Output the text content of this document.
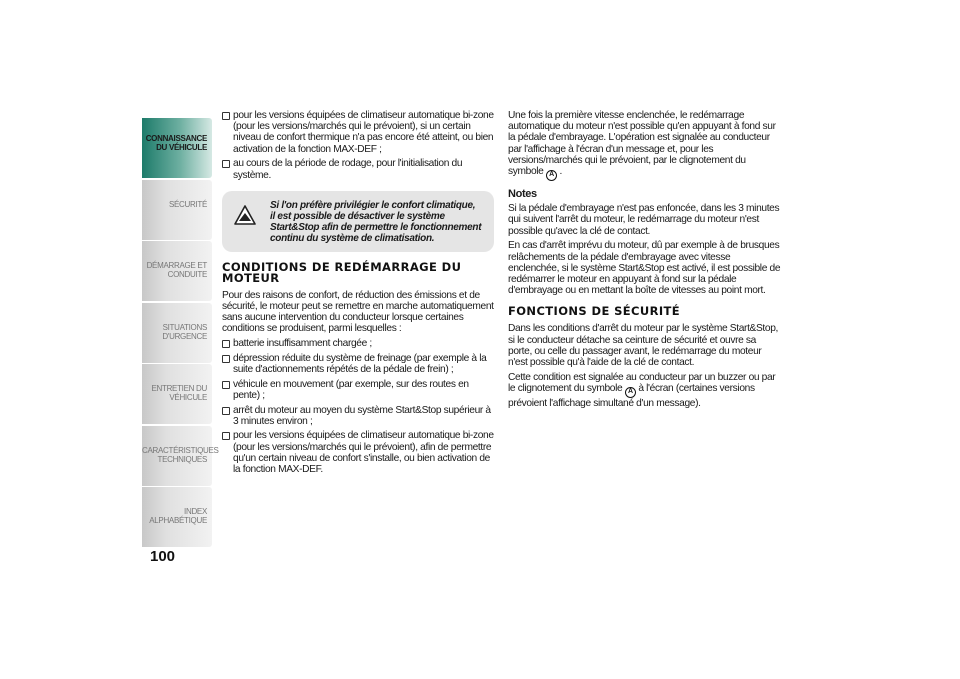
CONNAISSANCE
DU VÉHICULE
SÉCURITÉ
DÉMARRAGE ET
CONDUITE
SITUATIONS
D'URGENCE
ENTRETIEN DU
VÉHICULE
CARACTÉRISTIQUES
TECHNIQUES
INDEX
ALPHABÉTIQUE
100
pour les versions équipées de climatiseur automatique bi-zone (pour les versions/marchés qui le prévoient), si un certain niveau de confort thermique n'a pas encore été atteint, ou bien activation de la fonction MAX-DEF ;
au cours de la période de rodage, pour l'initialisation du système.
Si l'on préfère privilégier le confort climatique, il est possible de désactiver le système Start&Stop afin de permettre le fonctionnement continu du système de climatisation.
CONDITIONS DE REDÉMARRAGE DU MOTEUR

Pour des raisons de confort, de réduction des émissions et de sécurité, le moteur peut se remettre en marche automatiquement sans aucune intervention du conducteur lorsque certaines conditions se produisent, parmi lesquelles :

batterie insuffisamment chargée ;
dépression réduite du système de freinage (par exemple à la suite d'actionnements répétés de la pédale de frein) ;
véhicule en mouvement (par exemple, sur des routes en pente) ;
arrêt du moteur au moyen du système Start&Stop supérieur à 3 minutes environ ;
pour les versions équipées de climatiseur automatique bi-zone (pour les versions/marchés qui le prévoient), afin de permettre qu'un certain niveau de confort s'installe, ou bien activation de la fonction MAX-DEF.

Une fois la première vitesse enclenchée, le redémarrage automatique du moteur n'est possible qu'en appuyant à fond sur la pédale d'embrayage. L'opération est signalée au conducteur par l'affichage à l'écran d'un message et, pour les versions/marchés qui le prévoient, par le clignotement du symbole A .

Notes

Si la pédale d'embrayage n'est pas enfoncée, dans les 3 minutes qui suivent l'arrêt du moteur, le redémarrage du moteur n'est possible qu'avec la clé de contact.

En cas d'arrêt imprévu du moteur, dû par exemple à de brusques relâchements de la pédale d'embrayage avec vitesse enclenchée, si le système Start&Stop est activé, il est possible de redémarrer le moteur en appuyant à fond sur la pédale d'embrayage ou en mettant la boîte de vitesses au point mort.

FONCTIONS DE SÉCURITÉ

Dans les conditions d'arrêt du moteur par le système Start&Stop, si le conducteur détache sa ceinture de sécurité et ouvre sa porte, ou celle du passager avant, le redémarrage du moteur n'est possible qu'à l'aide de la clé de contact.

Cette condition est signalée au conducteur par un buzzer ou par le clignotement du symbole A à l'écran (certaines versions prévoient l'affichage simultané d'un message).
